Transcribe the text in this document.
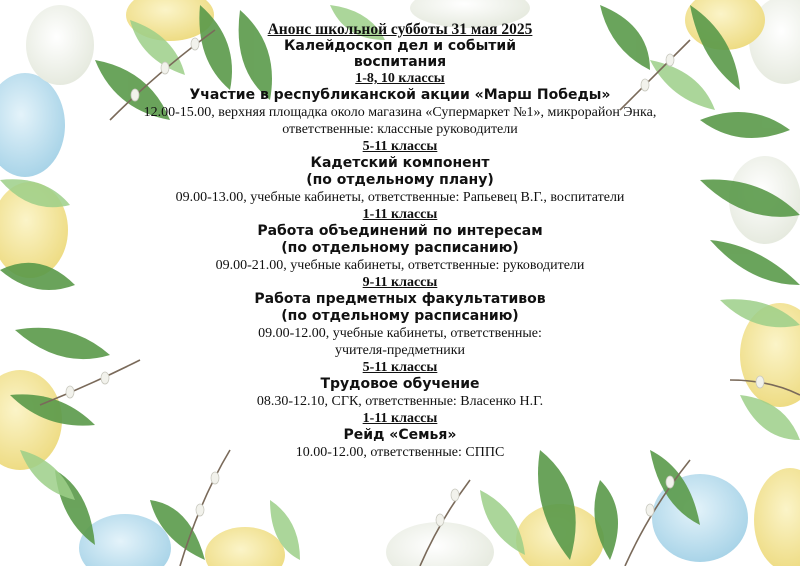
Анонс школьной субботы 31 мая 2025
Калейдоскоп дел и событий
воспитания
1-8, 10 классы
Участие в республиканской акции «Марш Победы»
12.00-15.00, верхняя площадка около магазина «Супермаркет №1», микрорайон Энка,
ответственные: классные руководители
5-11 классы
Кадетский компонент
(по отдельному плану)
09.00-13.00, учебные кабинеты, ответственные: Рапьевец В.Г., воспитатели
1-11 классы
Работа объединений по интересам
(по отдельному расписанию)
09.00-21.00, учебные кабинеты, ответственные: руководители
9-11 классы
Работа предметных факультативов
(по отдельному расписанию)
09.00-12.00, учебные кабинеты, ответственные:
учителя-предметники
5-11 классы
Трудовое обучение
08.30-12.10, СГК, ответственные: Власенко Н.Г.
1-11 классы
Рейд «Семья»
10.00-12.00, ответственные: СППС
